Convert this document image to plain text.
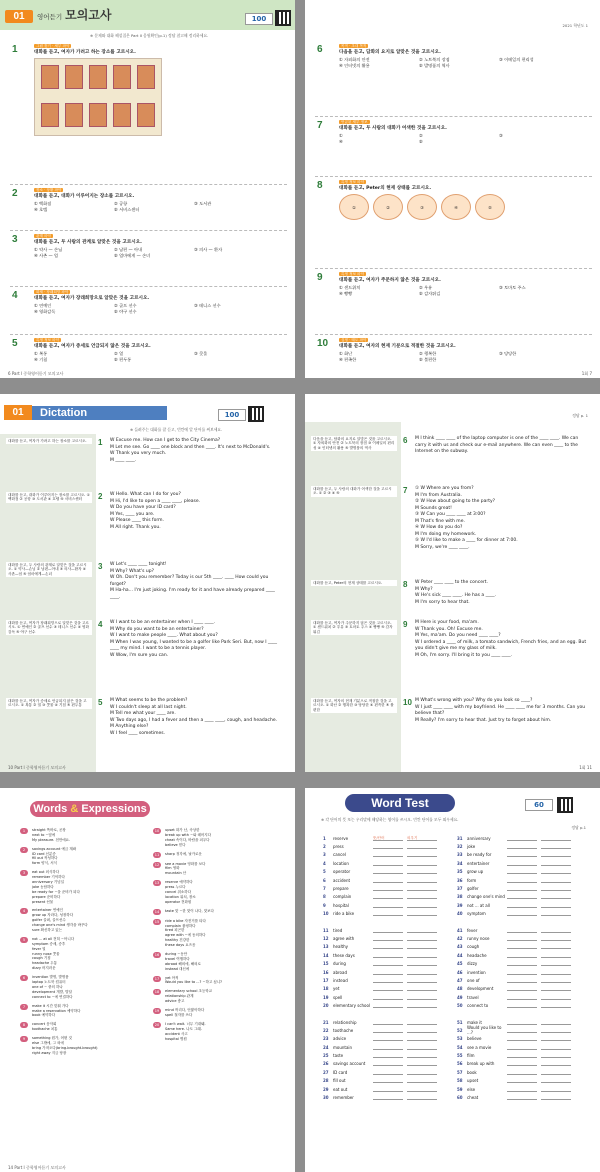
01	영어듣기 모의고사	100
※ 문제와 대화 해설집은 Part II 음원확인(p.1) 정답 참고해 정리하세요.
1	그림 찾기 · 세부 파악
대화를 듣고, 여자가 가려고 하는 장소를 고르시오.
2	장소 · 상황 파악
대화를 듣고, 대화가 이루어지는 장소를 고르시오.
① 백화점	② 공항	③ 도서관
④ 호텔	⑤ 서비스센터
3	관계 파악
대화를 듣고, 두 사람의 관계로 알맞은 것을 고르시오.
① 약사 — 손님	② 남편 — 아내	③ 의사 — 환자
④ 사촌 — 엄	⑤ 엄마에게 — 손녀
4	화제 · 장래희망 파악
대화를 듣고, 여자가 장래희망으로 알맞은 것을 고르시오.
① 연예인	② 골프 선수	③ 테니스 선수
④ 영화감독	⑤ 야구 선수
5	특정 정보 파악
대화를 듣고, 여자가 증세로 언급되지 않은 것을 고르시오.
① 복통	② 열	③ 콧물
④ 기침	⑤ 편두통
6 Part I 중학영어듣기 모의고사
2021 학년도 1
6	목적 · 초대 목적
다음을 듣고, 담화의 요지로 알맞은 것을 고르시오.
① 자외화의 안전	② 노트북의 장점	③ 이메일의 편리성
④ 인터넷의 활용	⑤ 발명품의 역사
7	언급된 세부 정보
대화를 듣고, 두 사람의 대화가 어색한 것을 고르시오.
①	②	③
④	⑤
8	특정 정보 파악
대화를 듣고, Peter의 현재 상태를 고르시오.
①	②	③	④	⑤
9	특정 정보 파악
대화를 듣고, 여자가 주문하지 않은 것을 고르시오.
① 샌드위치	② 우유	③ 토마토 주스
④ 빵빵	⑤ 감자튀김
10	심정 · 태도 파악
대화를 듣고, 여자의 현재 기분으로 적절한 것을 고르시오.
① 화난	② 행복한	③ 당당한
④ 편족한	⑤ 불편한
1회 7
01	Dictation	100
※ 들려주는 대화를 잘 듣고, 빈칸에 알 단어를 써보세요.
대화를 듣고, 여자가 가려고 하는 장소를 고르시오.	1 W Excuse me. How can I get to the City Cinema?
M Let me see. Go ____ one block and then ____. It's next to McDonald's.
W Thank you very much.
M ____ ____.
대화를 듣고, 대화가 이루어지는 장소를 고르시오. ① 백화점 ② 공항 ③ 도서관 ④ 호텔 ⑤ 서비스센터	2 W Hello. What can I do for you?
M Hi, I'd like to open a ____ ____, please.
W Do you have your ID card?
M Yes, ____ you are.
W Please ____ this form.
M All right. Thank you.
대화를 듣고, 두 사람의 관계로 알맞은 것을 고르시오. ① 약사—손님 ② 남편—아내 ③ 의사—환자 ④ 사촌—엄 ⑤ 엄마에게—손녀
3 W Let's ____ ____ tonight!
M Why? What's up?
W Oh. Don't you remember? Today is our 5th ____. ____ How could you forget?
M Ha-ha... I'm just joking. I'm ready for it and have already prepared ____ ____.
대화를 듣고, 여자가 장래희망으로 알맞은 것을 고르시오. ① 연예인 ② 골프 선수 ③ 테니스 선수 ④ 영화감독 ⑤ 야구 선수
4 W I want to be an entertainer when I ____ ____.
M Why do you want to be an entertainer?
W I want to make people ____. What about you?
M When I was young, I wanted to be a golfer like Park Seri. But, now I ____ ____ my mind. I want to be a tennis player.
W Wow, I'm sure you can.
대화를 듣고, 여자가 증세로 언급되지 않은 것을 고르시오. ① 복통 ② 열 ③ 콧물 ④ 기침 ⑤ 편두통	5 M What seems to be the problem?
W I couldn't sleep at all last night.
M Tell me what your ____ are.
W Two days ago, I had a fever and then a ____ ____, cough, and headache.
M Anything else?
W I feel ____ sometimes.
10 Part I 중학영어듣기 모의고사
정답 p. 1
다음을 듣고, 담화의 요지로 알맞은 것을 고르시오. ① 자외화의 안전 ② 노트북의 장점 ③ 이메일의 편리성 ④ 인터넷의 활용 ⑤ 발명품의 역사
6 M I think ____ ____ of the laptop computer is one of the ____ ____. We can carry it with us and check our e-mail anywhere. We can even ____ to the Internet on the subway.
대화를 듣고, 두 사람의 대화가 어색한 것을 고르시오. ① ② ③ ④ ⑤	7 ① W Where are you from?
M I'm from Australia.
② W How about going to the party?
M Sounds great!
③ W Can you ____ ____ at 3:00?
M That's fine with me.
④ W How do you do?
M I'm doing my homework.
⑤ W I'd like to make a ____ for dinner at 7:00.
M Sorry, we're ____ ____.
대화를 듣고, Peter의 현재 상태를 고르시오.	8 W Peter ____ ____ to the concert.
M Why?
W He's sick ____ ____. He has a ____.
M I'm sorry to hear that.
대화를 듣고, 여자가 주문하지 않은 것을 고르시오. ① 샌드위치 ② 우유 ③ 토마토 주스 ④ 빵빵 ⑤ 감자튀김
9 M Here is your food, ma'am.
W Thank you. Oh! Excuse me.
M Yes, ma'am. Do you need ____ ____?
W I ordered a ____ of milk, a tomato sandwich, French fries, and an egg. But you didn't give me my glass of milk.
M Oh, I'm sorry. I'll bring it to you ____ ____.
대화를 듣고, 여자의 현재 기분으로 적절한 것을 고르시오. ① 화난 ② 행복한 ③ 당당한 ④ 편족한 ⑤ 불편한
10 M What's wrong with you? Why do you look so ____?
W I just ____ ____ with my boyfriend. He ____ ____ me for 3 months. Can you believe that?
M Really? I'm sorry to hear that. Just try to forget about him.
1회 11
Words & Expressions
1	straight 똑바로, 곧장
next to ~옆에
My pleasure. 천만에요.
2	savings account 예금 계좌
ID card 신분증
fill out 작성하다
form 양식, 서식
3	eat out 외식하다
remember 기억하다
anniversary 기념일
joke 농담하다
be ready for ~을 준비가 되다
prepare 준비하다
present 선물
4	entertainer 연예인
grow up 자라다, 성장하다
golfer 골퍼, 골프선수
change one's mind 생각을 바꾸다
sure 확신하고 있는
5	not ... at all 전혀 ~아니다
symptom 증세, 증후
fever 열
runny nose 콧물
cough 기침
headache 두통
dizzy 어지러운
6	invention 발명, 발명품
laptop 노트북 컴퓨터
one of ~ 중의 하나
development 개발, 발달
connect to ~에 연결하다
7	make it 시간 맞춰 가다
make a reservation 예약하다
book 예약하다
8	concert 음악회
toothache 치통
9	something 뭔가, 어떤 것
else 그밖에, 그 외에
bring 가져오다(bring-brought-brought)
right away 지금 당장
10	upset 화가 난, 속상한
break up with ~와 헤어지다
cheat 속이다, 바람을 피우다
believe 믿다
11	sharp 정각에, 날카로운
12	see a movie 영화를 보다
film 영화
mountain 산
13	reserve 예약하다
press 누르다
cancel 취소하다
location 위치, 장소
operator 전화원
14	taste 맛 ~한 맛이 나다, 맛보다
15	ride a bike 자전거를 타다
complain 불평하다
tired 피곤한
agree with ~에 동의하다
healthy 건강한
these days 요즈음
16	during ~동안
travel 여행하다
abroad 해외에, 해외로
instead 대신에
17	yet 아직
Would you like to ...? ~하고 싶니?
18	elementary school 초등학교
relationship 관계
advice 충고
19	mind 꺼리다, 언짢아하다
spell 철자를 쓰다
20	I can't wait. 너무 기대돼.
Same here. 나도 그래.
accident 사고
hospital 병원
14 Part I 중학영어듣기 모의고사
Word Test	60
※ 각 단어의 뜻 또는 우리말에 해당하는 영어를 쓰시오. 빈칸 단어를 모두 외우세요.
정답 p.1
1	reserve	뜻/단어	외우기
2	press
3	cancel
4	location
5	operator
6	accident
7	prepare
8	complain
9	hospital
10	ride a bike
11	tired
12	agree with
13	healthy
14	these days
15	during
16	abroad
17	instead
18	yet
19	spell
20	elementary school
21	relationship
22	toothache
23	advice
24	mountain
25	taste
26	savings account
27	ID card
28	fill out
29	eat out
30	remember
31	anniversary
32	joke
33	be ready for
34	entertainer
35	grow up
36	form
37	golfer
38	change one's mind
39	not ... at all
40	symptom
41	fever
42	runny nose
43	cough
44	headache
45	dizzy
46	invention
47	one of
48	development
49	travel
50	connect to
51	make it
52	Would you like to ...?
53	believe
54	see a movie
55	film
56	break up with
57	book
58	upset
59	else
60	cheat
